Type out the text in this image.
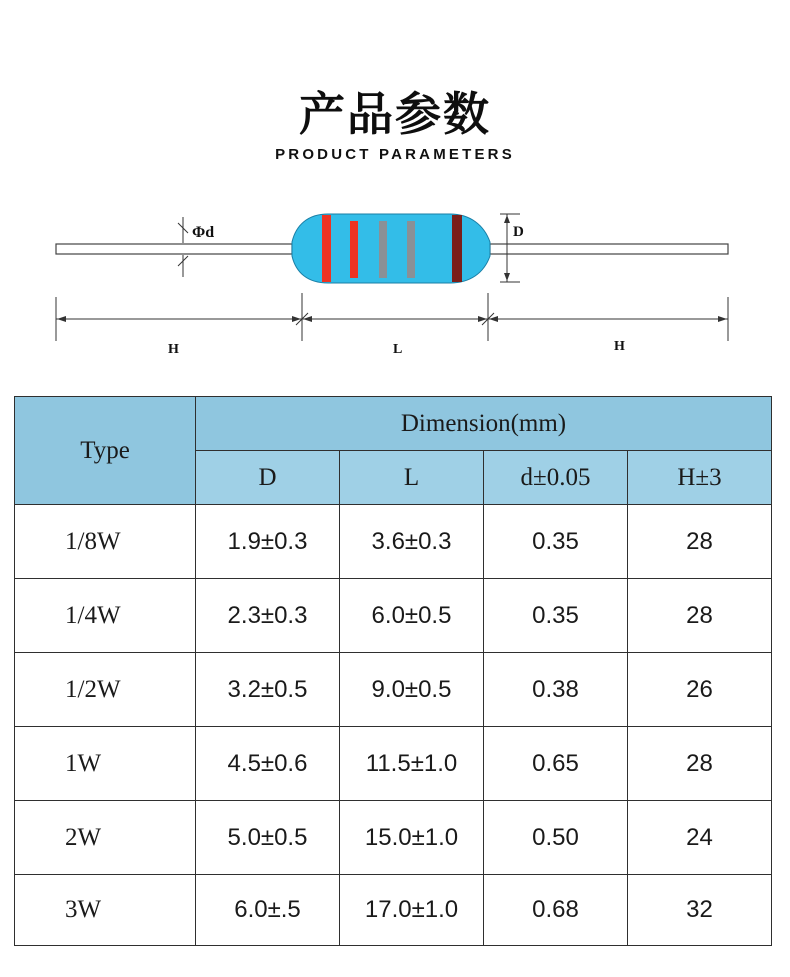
产品参数
PRODUCT PARAMETERS
Φd	D
H	L	H
Type	Dimension(mm)			
	D	L	d±0.05	H±3
1/8W	1.9±0.3	3.6±0.3	0.35	28
1/4W	2.3±0.3	6.0±0.5	0.35	28
1/2W	3.2±0.5	9.0±0.5	0.38	26
1W	4.5±0.6	11.5±1.0	0.65	28
2W	5.0±0.5	15.0±1.0	0.50	24
3W	6.0±.5	17.0±1.0	0.68	32
